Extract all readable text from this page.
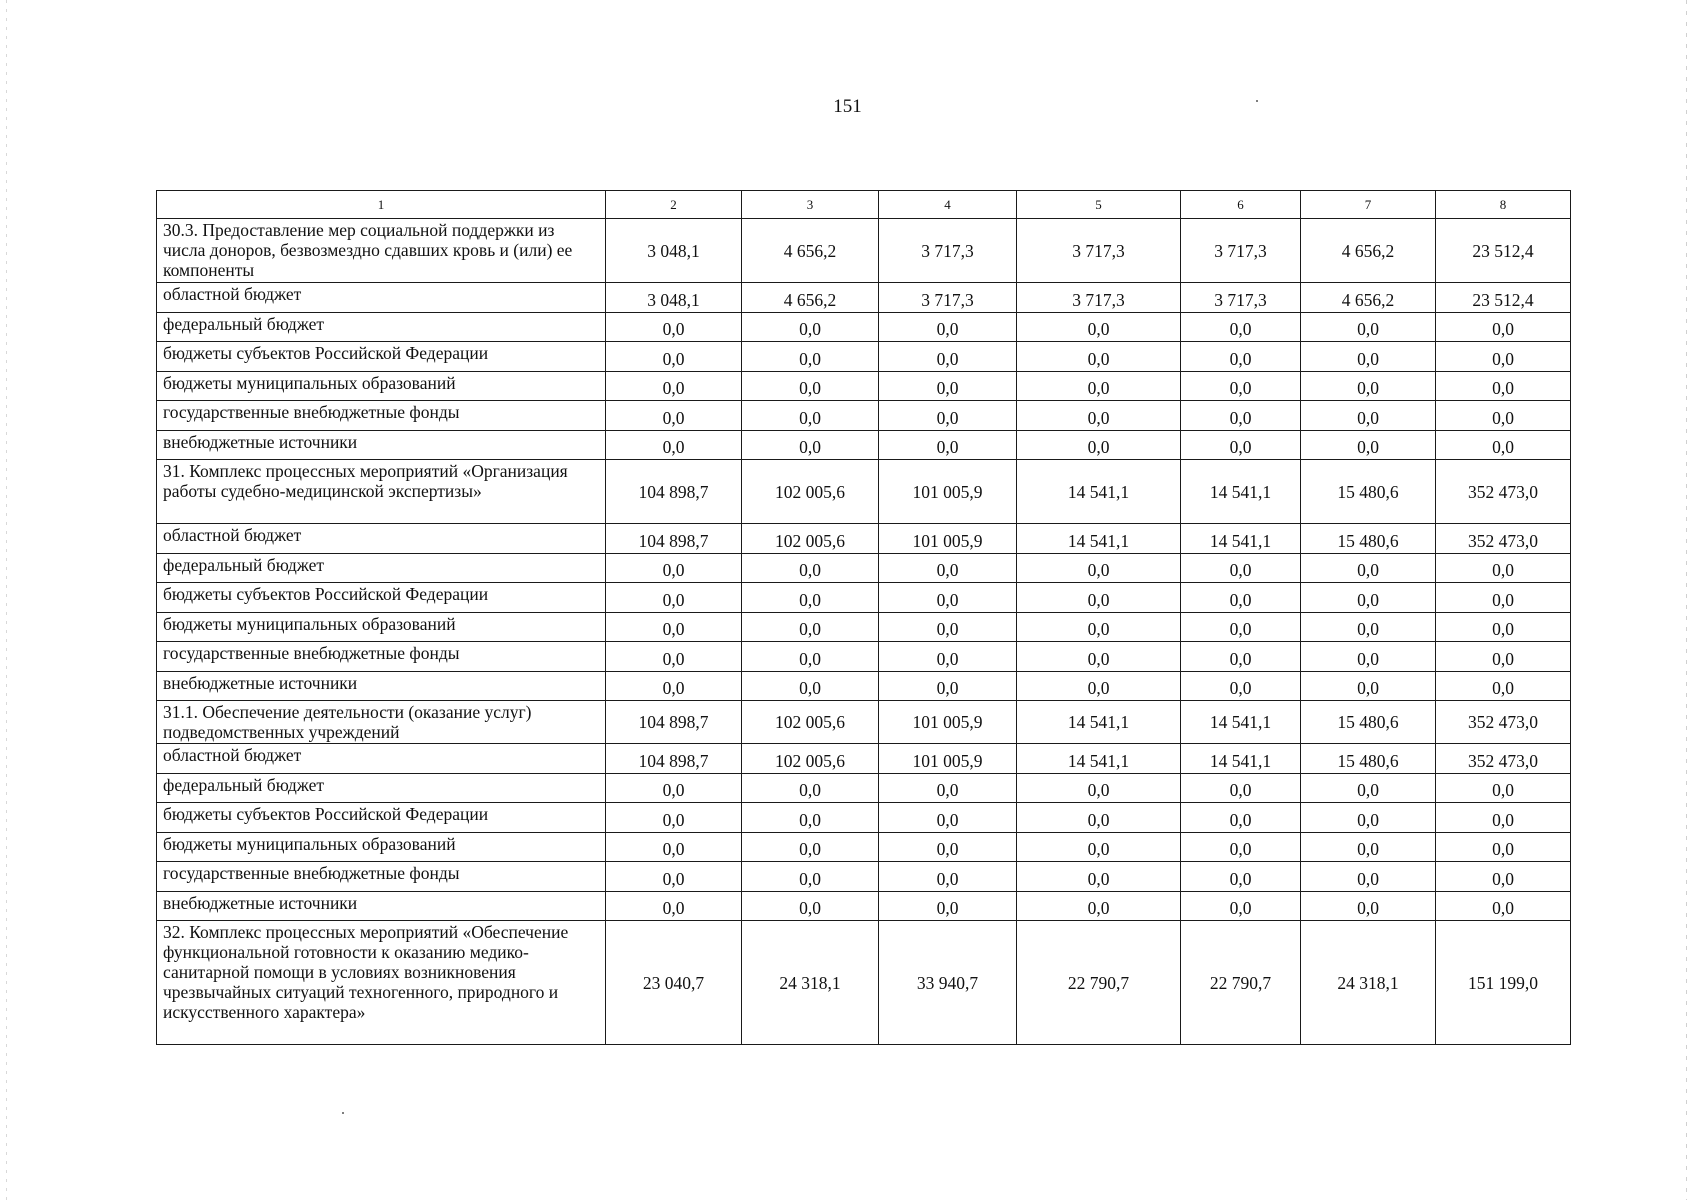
151
1	2	3	4	5	6	7	8
30.3. Предоставление мер социальной поддержки из числа доноров, безвозмездно сдавших кровь и (или) ее компоненты	3 048,1	4 656,2	3 717,3	3 717,3	3 717,3	4 656,2	23 512,4
областной бюджет	3 048,1	4 656,2	3 717,3	3 717,3	3 717,3	4 656,2	23 512,4
федеральный бюджет	0,0	0,0	0,0	0,0	0,0	0,0	0,0
бюджеты субъектов Российской Федерации	0,0	0,0	0,0	0,0	0,0	0,0	0,0
бюджеты муниципальных образований	0,0	0,0	0,0	0,0	0,0	0,0	0,0
государственные внебюджетные фонды	0,0	0,0	0,0	0,0	0,0	0,0	0,0
внебюджетные источники	0,0	0,0	0,0	0,0	0,0	0,0	0,0
31. Комплекс процессных мероприятий «Организация работы судебно-медицинской экспертизы»	104 898,7	102 005,6	101 005,9	14 541,1	14 541,1	15 480,6	352 473,0
областной бюджет	104 898,7	102 005,6	101 005,9	14 541,1	14 541,1	15 480,6	352 473,0
федеральный бюджет	0,0	0,0	0,0	0,0	0,0	0,0	0,0
бюджеты субъектов Российской Федерации	0,0	0,0	0,0	0,0	0,0	0,0	0,0
бюджеты муниципальных образований	0,0	0,0	0,0	0,0	0,0	0,0	0,0
государственные внебюджетные фонды	0,0	0,0	0,0	0,0	0,0	0,0	0,0
внебюджетные источники	0,0	0,0	0,0	0,0	0,0	0,0	0,0
31.1. Обеспечение деятельности (оказание услуг) подведомственных учреждений	104 898,7	102 005,6	101 005,9	14 541,1	14 541,1	15 480,6	352 473,0
областной бюджет	104 898,7	102 005,6	101 005,9	14 541,1	14 541,1	15 480,6	352 473,0
федеральный бюджет	0,0	0,0	0,0	0,0	0,0	0,0	0,0
бюджеты субъектов Российской Федерации	0,0	0,0	0,0	0,0	0,0	0,0	0,0
бюджеты муниципальных образований	0,0	0,0	0,0	0,0	0,0	0,0	0,0
государственные внебюджетные фонды	0,0	0,0	0,0	0,0	0,0	0,0	0,0
внебюджетные источники	0,0	0,0	0,0	0,0	0,0	0,0	0,0
32. Комплекс процессных мероприятий «Обеспечение функциональной готовности к оказанию медико-санитарной помощи в условиях возникновения чрезвычайных ситуаций техногенного, природного и искусственного характера»	23 040,7	24 318,1	33 940,7	22 790,7	22 790,7	24 318,1	151 199,0
